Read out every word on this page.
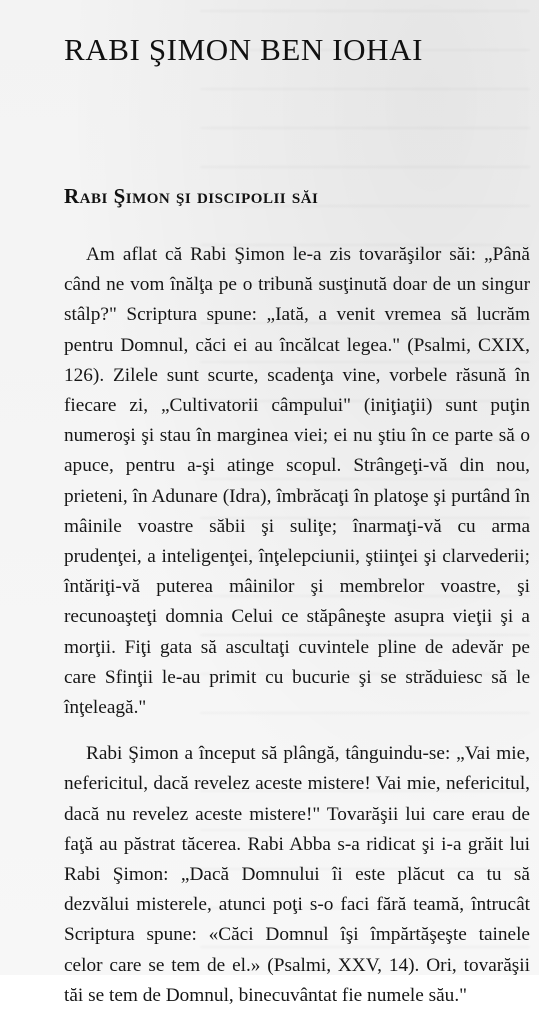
RABI ŞIMON BEN IOHAI
Rabi Şimon şi discipolii săi

Am aflat că Rabi Şimon le-a zis tovarăşilor săi: „Până când ne vom înălţa pe o tribună susţinută doar de un singur stâlp?" Scriptura spune: „Iată, a venit vremea să lucrăm pentru Domnul, căci ei au încălcat legea." (Psalmi, CXIX, 126). Zilele sunt scurte, scadenţa vine, vorbele răsună în fiecare zi, „Cultivatorii câmpului" (iniţiaţii) sunt puţin numeroşi şi stau în marginea viei; ei nu ştiu în ce parte să o apuce, pentru a-şi atinge scopul. Strângeţi-vă din nou, prieteni, în Adunare (Idra), îmbrăcaţi în platoşe şi purtând în mâinile voastre săbii şi suliţe; înarmaţi-vă cu arma prudenţei, a inteligenţei, înţelepciunii, ştiinţei şi clarvederii; întăriţi-vă puterea mâinilor şi membrelor voastre, şi recunoaşteţi domnia Celui ce stăpâneşte asupra vieţii şi a morţii. Fiţi gata să ascultaţi cuvintele pline de adevăr pe care Sfinţii le-au primit cu bucurie şi se străduiesc să le înţeleagă."

Rabi Şimon a început să plângă, tânguindu-se: „Vai mie, nefericitul, dacă revelez aceste mistere! Vai mie, nefericitul, dacă nu revelez aceste mistere!" Tovarăşii lui care erau de faţă au păstrat tăcerea. Rabi Abba s-a ridicat şi i-a grăit lui Rabi Şimon: „Dacă Domnului îi este plăcut ca tu să dezvălui misterele, atunci poţi s-o faci fără teamă, întrucât Scriptura spune: «Căci Domnul îşi împărtăşeşte tainele celor care se tem de el.» (Psalmi, XXV, 14). Ori, tovarăşii tăi se tem de Domnul, binecuvântat fie numele său."
